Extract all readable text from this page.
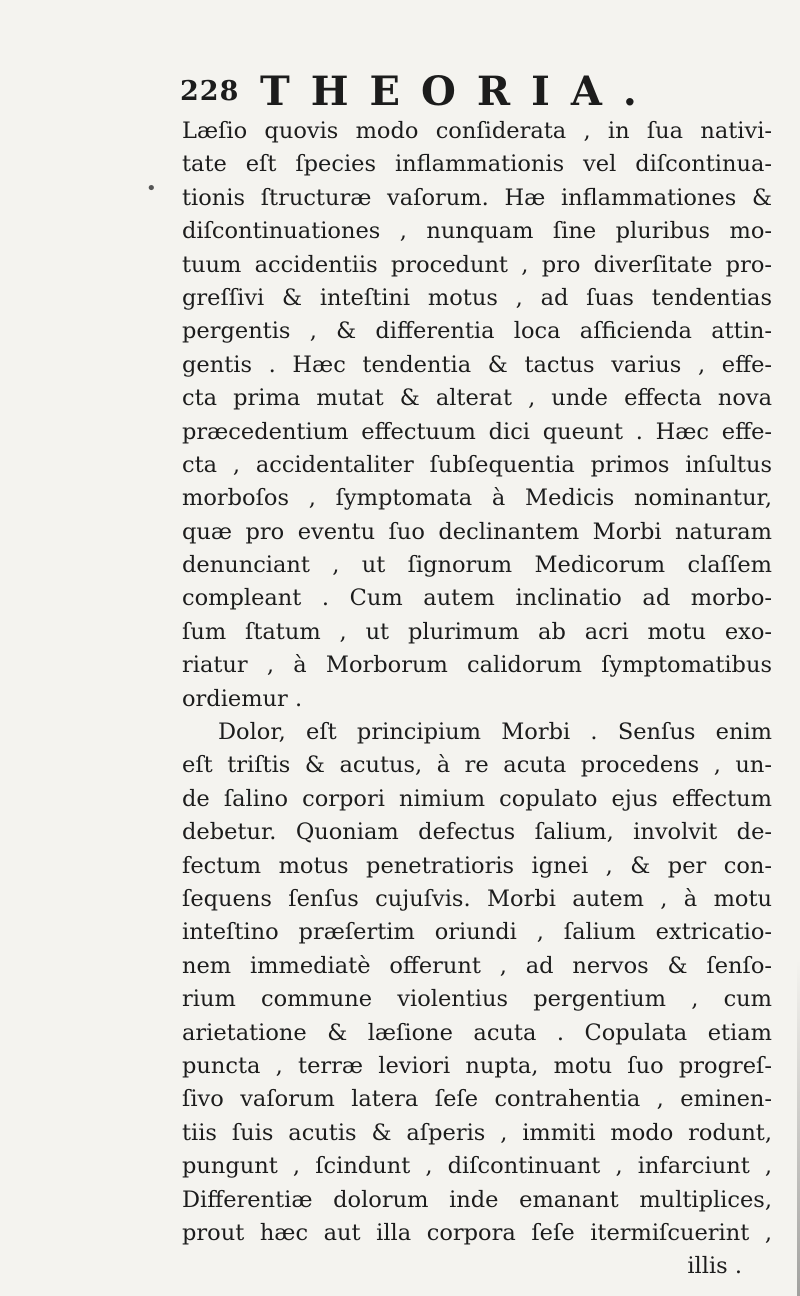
228 THEORIA.
•
Læſio quovis modo conſiderata , in ſua nativi-
tate eſt ſpecies inflammationis vel diſcontinua-
tionis ſtructuræ vaſorum. Hæ inflammationes &
diſcontinuationes , nunquam ſine pluribus mo-
tuum accidentiis procedunt , pro diverſitate pro-
greſſivi & inteſtini motus , ad ſuas tendentias
pergentis , & differentia loca aſficienda attin-
gentis . Hæc tendentia & tactus varius , effe-
cta prima mutat & alterat , unde effecta nova
præcedentium effectuum dici queunt . Hæc effe-
cta , accidentaliter ſubſequentia primos inſultus
morboſos , ſymptomata à Medicis nominantur,
quæ pro eventu ſuo declinantem Morbi naturam
denunciant , ut ſignorum Medicorum claſſem
compleant . Cum autem inclinatio ad morbo-
ſum ſtatum , ut plurimum ab acri motu exo-
riatur , à Morborum calidorum ſymptomatibus
ordiemur .
Dolor, eſt principium Morbi . Senſus enim
eſt triſtis & acutus, à re acuta procedens , un-
de ſalino corpori nimium copulato ejus effectum
debetur. Quoniam defectus ſalium, involvit de-
fectum motus penetratioris ignei , & per con-
ſequens ſenſus cujuſvis. Morbi autem , à motu
inteſtino præſertim oriundi , ſalium extricatio-
nem immediatè offerunt , ad nervos & ſenſo-
rium commune violentius pergentium , cum
arietatione & læſione acuta . Copulata etiam
puncta , terræ leviori nupta, motu ſuo progreſ-
ſivo vaſorum latera ſeſe contrahentia , eminen-
tiis ſuis acutis & aſperis , immiti modo rodunt,
pungunt , ſcindunt , diſcontinuant , infarciunt ,
Differentiæ dolorum inde emanant multiplices,
prout hæc aut illa corpora ſeſe itermiſcuerint ,
illis .
